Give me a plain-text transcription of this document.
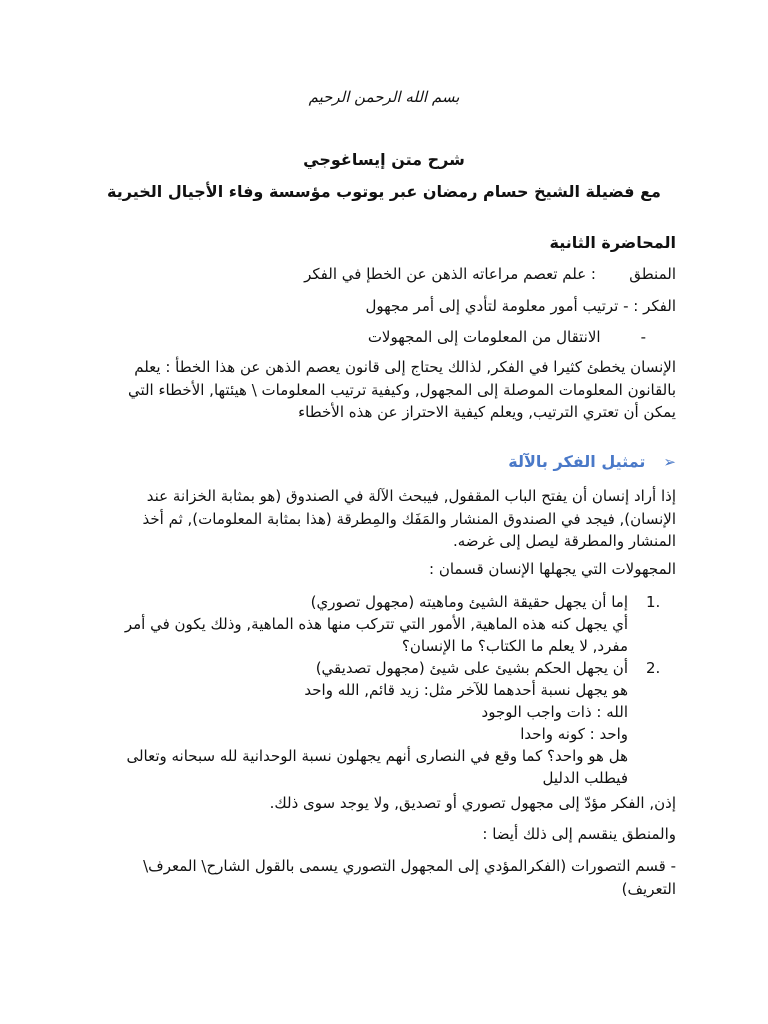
بسم الله الرحمن الرحيم
شرح متن إيساغوجي
مع فضيلة الشيخ حسام رمضان عبر يوتوب مؤسسة وفاء الأجيال الخيرية
المحاضرة الثانية
المنطق: علم تعصم مراعاته الذهن عن الخطإ في الفكر
الفكر : - ترتيب أمور معلومة لتأدي إلى أمر مجهول
-الانتقال من المعلومات إلى المجهولات
الإنسان يخطئ كثيرا في الفكر, لذالك يحتاج إلى قانون يعصم الذهن عن هذا الخطأ : يعلم بالقانون المعلومات الموصلة إلى المجهول, وكيفية ترتيب المعلومات \ هيئتها, الأخطاء التي يمكن أن تعتري الترتيب, ويعلم كيفية الاحتراز عن هذه الأخطاء
➢تمثيل الفكر بالآلة
إذا أراد إنسان أن يفتح الباب المقفول, فيبحث الآلة في الصندوق (هو بمثابة الخزانة عند الإنسان), فيجد في الصندوق المنشار والمَفَك والمِطرقة (هذا بمثابة المعلومات), ثم أخذ المنشار والمطرقة ليصل إلى غرضه.
المجهولات التي يجهلها الإنسان قسمان :
1.
إما أن يجهل حقيقة الشيئ وماهيته (مجهول تصوري)
أي يجهل كنه هذه الماهية, الأمور التي تتركب منها هذه الماهية, وذلك يكون في أمر مفرد, لا يعلم ما الكتاب؟ ما الإنسان؟
2.
أن يجهل الحكم بشيئ على شيئ (مجهول تصديقي)
هو يجهل نسبة أحدهما للآخر مثل: زيد قائم, الله واحد
الله : ذات واجب الوجود
واحد : كونه واحدا
هل هو واحد؟ كما وقع في النصارى أنهم يجهلون نسبة الوحدانية لله سبحانه وتعالى فيطلب الدليل
إذن, الفكر مؤدّ إلى مجهول تصوري أو تصديق, ولا يوجد سوى ذلك.
والمنطق ينقسم إلى ذلك أيضا :
- قسم التصورات (الفكرالمؤدي إلى المجهول التصوري يسمى بالقول الشارح\ المعرف\ التعريف)
